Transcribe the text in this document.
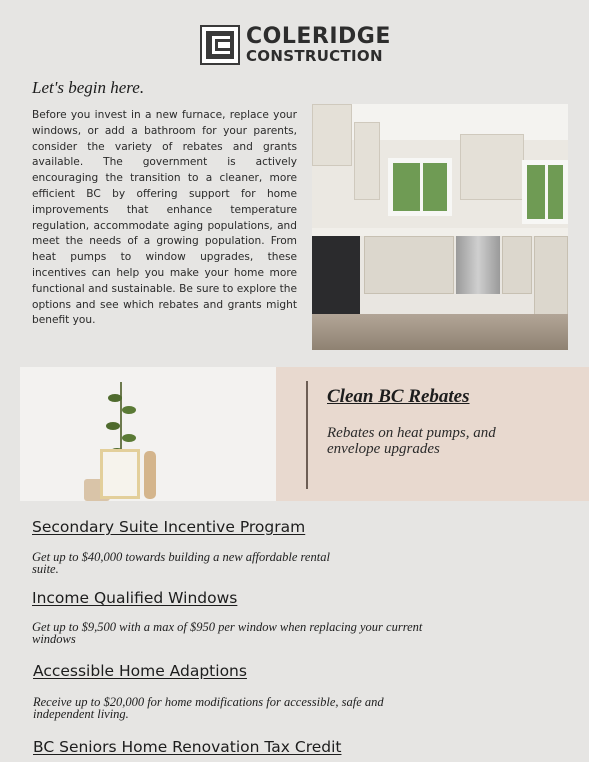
COLERIDGE
CONSTRUCTION
Let's begin here.
Before you invest in a new furnace, replace your windows, or add a bathroom for your parents, consider the variety of rebates and grants available. The government is actively encouraging the transition to a cleaner, more efficient BC by offering support for home improvements that enhance temperature regulation, accommodate aging populations, and meet the needs of a growing population. From heat pumps to window upgrades, these incentives can help you make your home more functional and sustainable. Be sure to explore the options and see which rebates and grants might benefit you.
Clean BC Rebates
Rebates on heat pumps, and envelope upgrades
Secondary Suite Incentive Program
Get up to $40,000 towards building a new affordable rental suite.
Income Qualified Windows
Get up to $9,500 with a max of $950 per window when replacing your current windows
Accessible Home Adaptions
Receive up to $20,000 for home modifications for accessible, safe and independent living.
BC Seniors Home Renovation Tax Credit
